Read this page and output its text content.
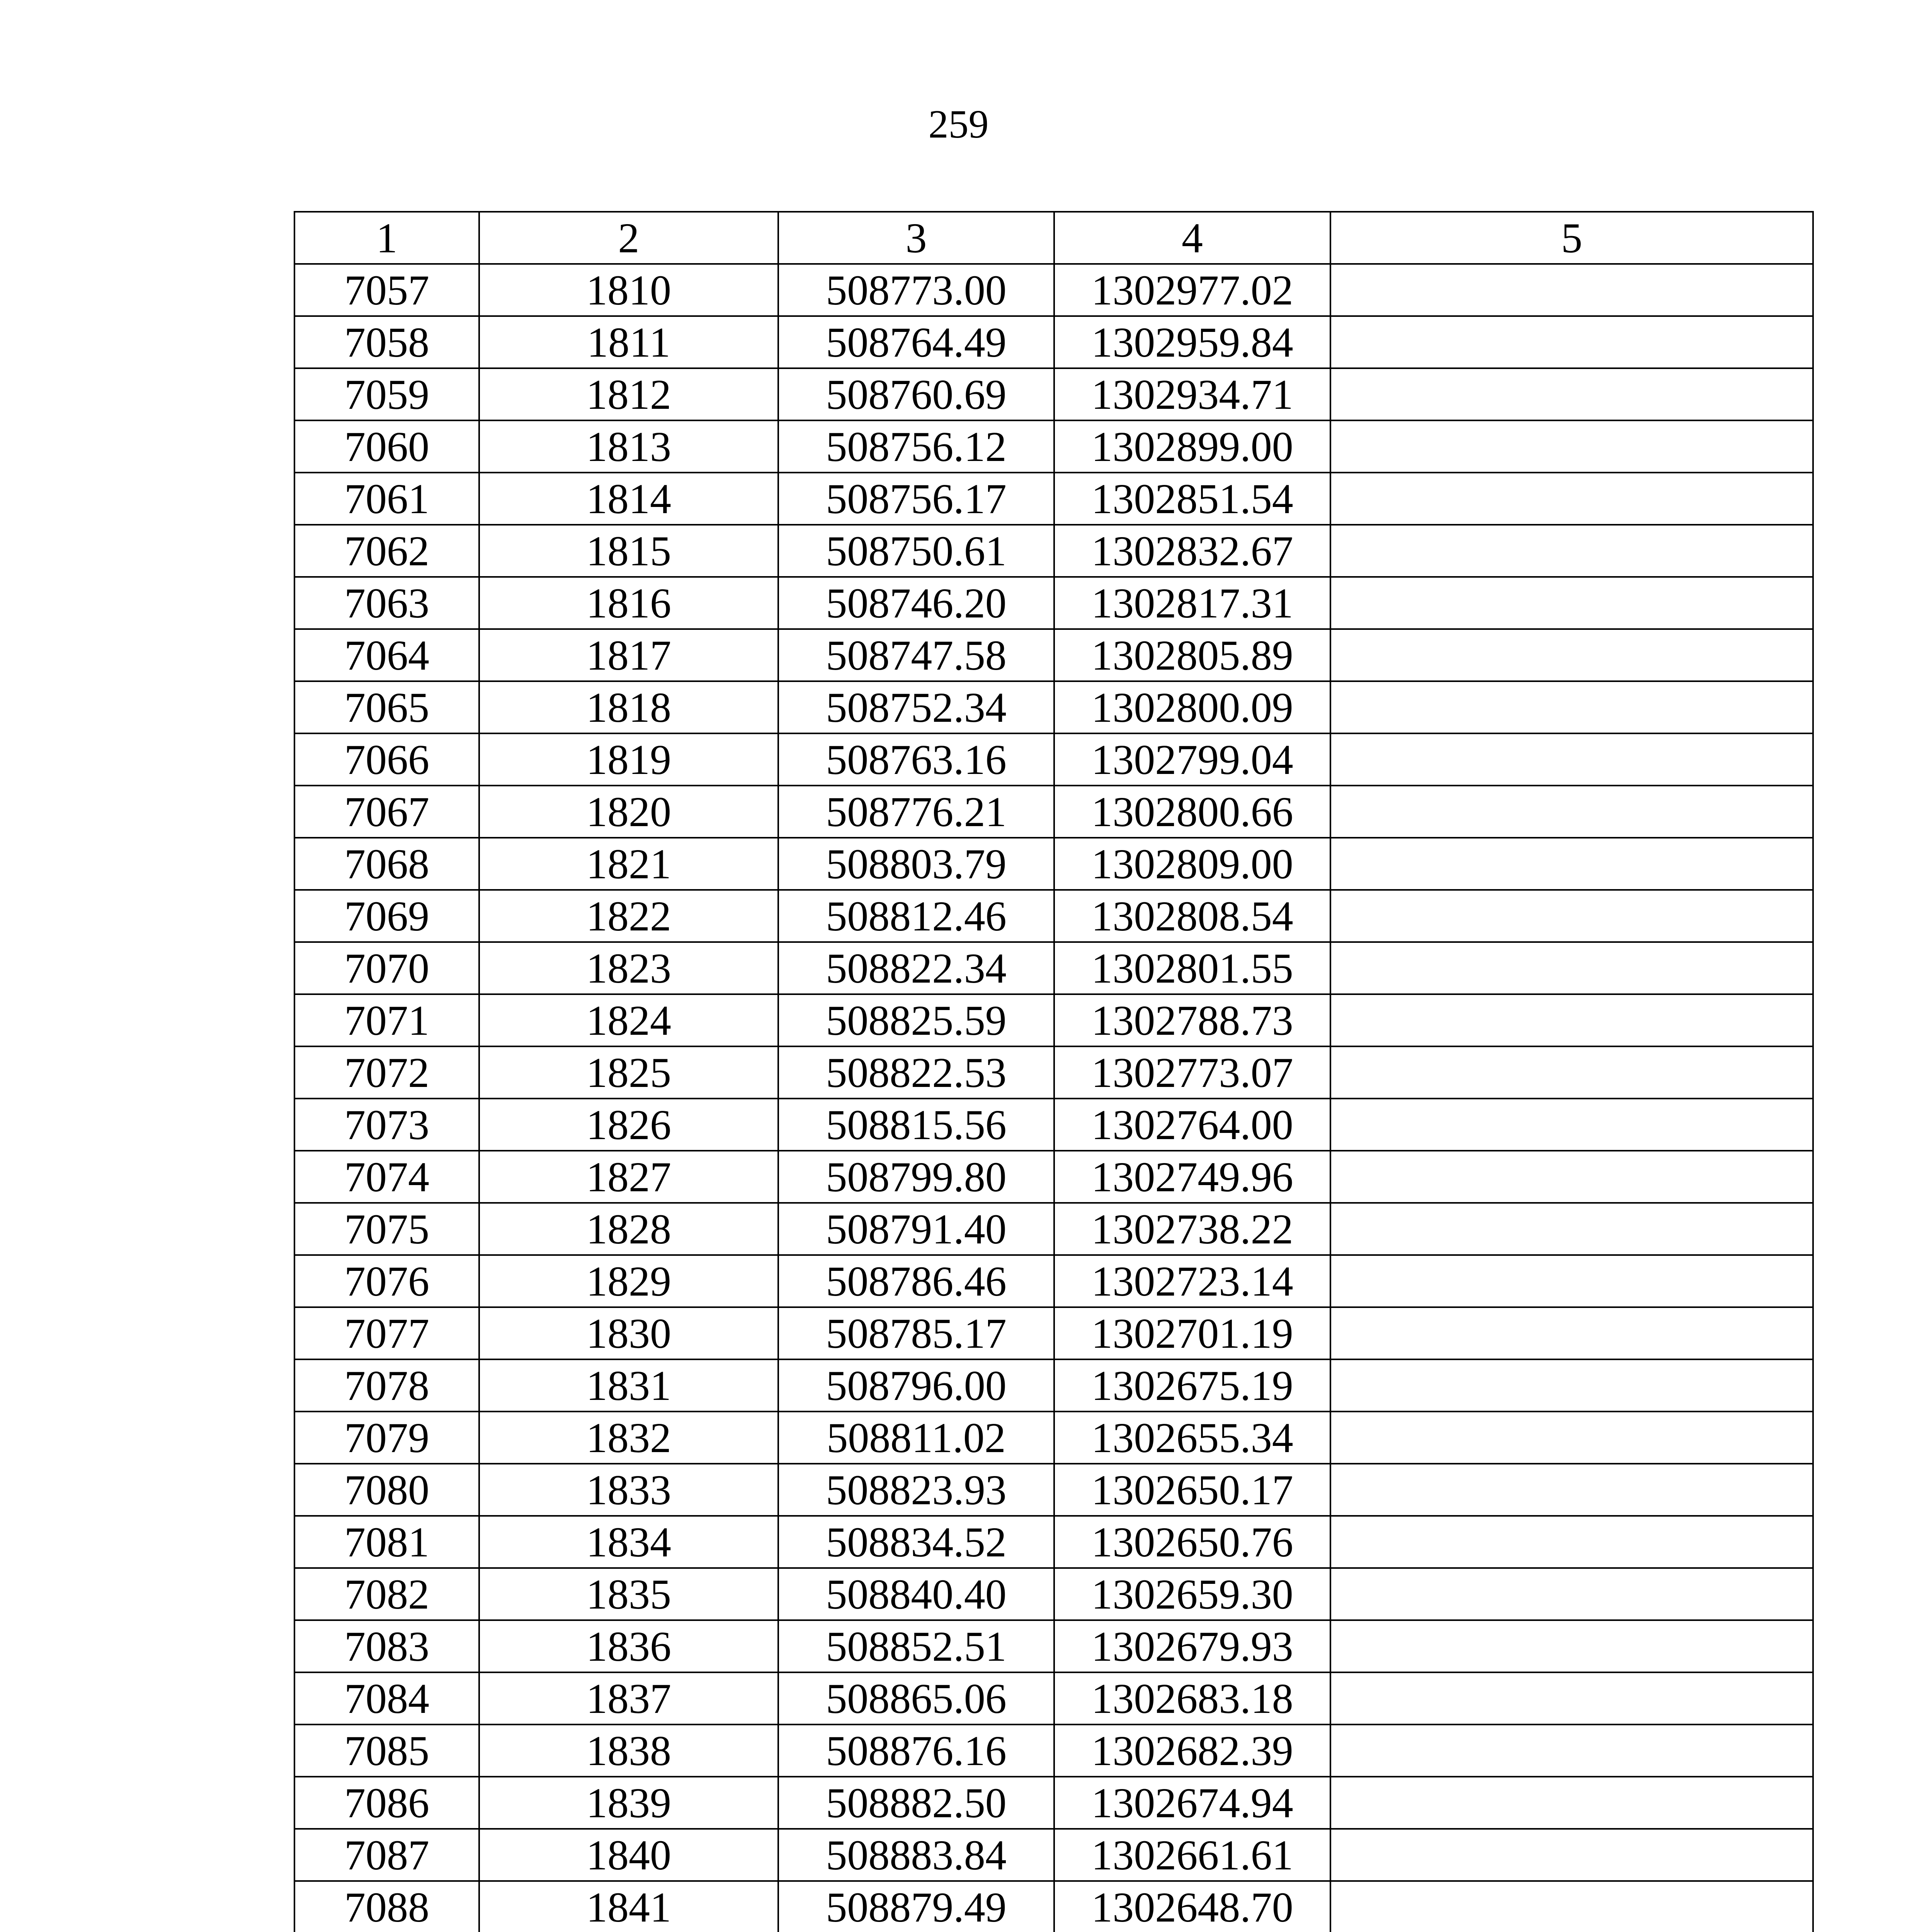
259
1	2	3	4	5
7057	1810	508773.00	1302977.02	
7058	1811	508764.49	1302959.84	
7059	1812	508760.69	1302934.71	
7060	1813	508756.12	1302899.00	
7061	1814	508756.17	1302851.54	
7062	1815	508750.61	1302832.67	
7063	1816	508746.20	1302817.31	
7064	1817	508747.58	1302805.89	
7065	1818	508752.34	1302800.09	
7066	1819	508763.16	1302799.04	
7067	1820	508776.21	1302800.66	
7068	1821	508803.79	1302809.00	
7069	1822	508812.46	1302808.54	
7070	1823	508822.34	1302801.55	
7071	1824	508825.59	1302788.73	
7072	1825	508822.53	1302773.07	
7073	1826	508815.56	1302764.00	
7074	1827	508799.80	1302749.96	
7075	1828	508791.40	1302738.22	
7076	1829	508786.46	1302723.14	
7077	1830	508785.17	1302701.19	
7078	1831	508796.00	1302675.19	
7079	1832	508811.02	1302655.34	
7080	1833	508823.93	1302650.17	
7081	1834	508834.52	1302650.76	
7082	1835	508840.40	1302659.30	
7083	1836	508852.51	1302679.93	
7084	1837	508865.06	1302683.18	
7085	1838	508876.16	1302682.39	
7086	1839	508882.50	1302674.94	
7087	1840	508883.84	1302661.61	
7088	1841	508879.49	1302648.70	
